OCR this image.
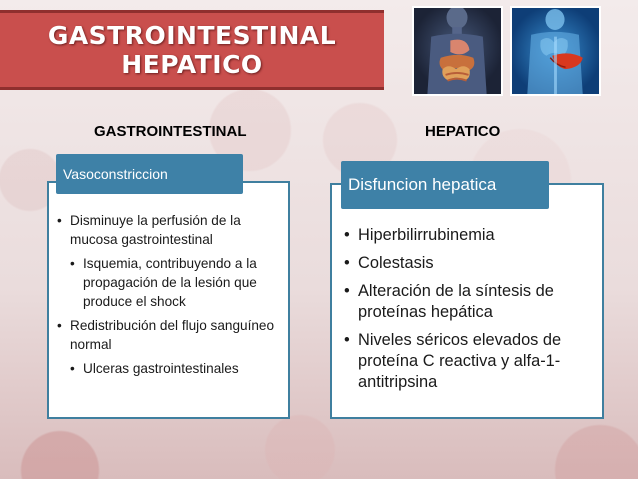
GASTROINTESTINAL
HEPATICO
GASTROINTESTINAL	HEPATICO
• Disminuye la perfusión de la mucosa gastrointestinal
• Isquemia, contribuyendo a la propagación de la lesión que produce el shock
• Redistribución del flujo sanguíneo normal
• Ulceras gastrointestinales
Vasoconstriccion
• Hiperbilirrubinemia
• Colestasis
• Alteración de la síntesis de proteínas hepática
• Niveles séricos elevados de proteína C reactiva y alfa-1-antitripsina
Disfuncion hepatica
